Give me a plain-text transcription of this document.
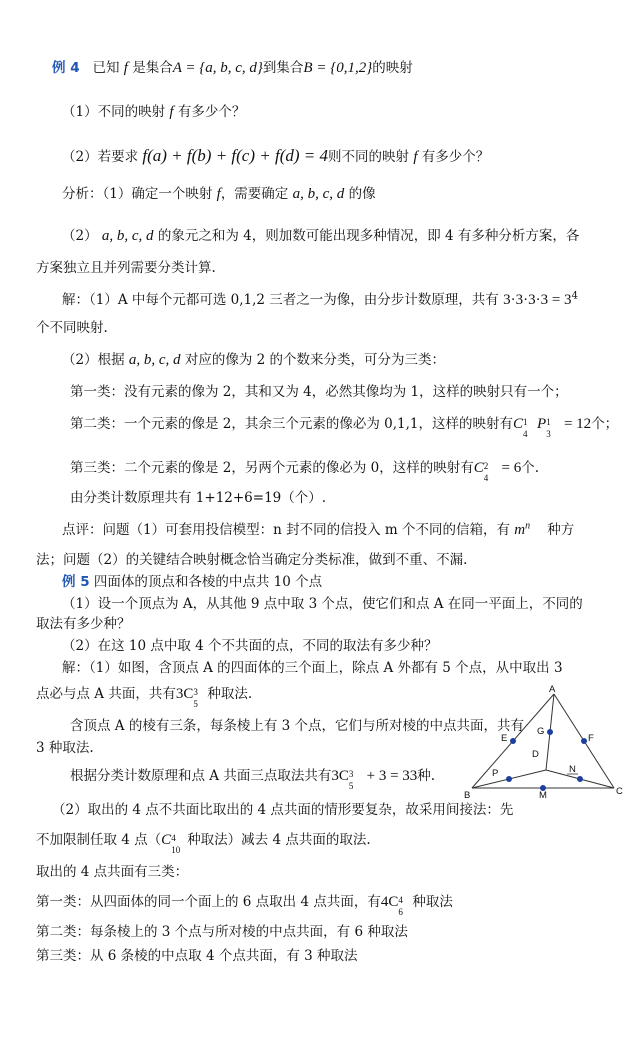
例 4 已知 f 是集合A = {a, b, c, d}到集合B = {0,1,2}的映射
（1）不同的映射 f 有多少个？
（2）若要求 f(a) + f(b) + f(c) + f(d) = 4则不同的映射 f 有多少个？
分析：（1）确定一个映射 f，需要确定 a, b, c, d 的像
（2） a, b, c, d 的象元之和为 4，则加数可能出现多种情况，即 4 有多种分析方案，各
方案独立且并列需要分类计算.
解：（1）A 中每个元都可选 0,1,2 三者之一为像，由分步计数原理，共有 $3\cdot 3\cdot 3\cdot 3 = 3^4$
个不同映射.
（2）根据 a, b, c, d 对应的像为 2 的个数来分类，可分为三类：
第一类：没有元素的像为 2，其和又为 4，必然其像均为 1，这样的映射只有一个；
第二类：一个元素的像是 2，其余三个元素的像必为 0,1,1，这样的映射有C 1
4
P 1
3
= 12个；
第三类：二个元素的像是 2，另两个元素的像必为 0，这样的映射有C 2
4
= 6个.
由分类计数原理共有 1+12+6=19（个）.
点评：问题（1）可套用投信模型：n 封不同的信投入 m 个不同的信箱，有 $m^n$ 种方
法；问题（2）的关键结合映射概念恰当确定分类标准，做到不重、不漏.
例 5 四面体的顶点和各棱的中点共 10 个点
（1）设一个顶点为 A，从其他 9 点中取 3 个点，使它们和点 A 在同一平面上，不同的
取法有多少种？
（2）在这 10 点中取 4 个不共面的点，不同的取法有多少种？
解：（1）如图，含顶点 A 的四面体的三个面上，除点 A 外都有 5 个点，从中取出 3
点必与点 A 共面，共有3C 3
5
种取法.
含顶点 A 的棱有三条，每条棱上有 3 个点，它们与所对棱的中点共面，共有
3 种取法.
根据分类计数原理和点 A 共面三点取法共有3C 3
5
+ 3 = 33种.
（2）取出的 4 点不共面比取出的 4 点共面的情形要复杂，故采用间接法：先
不加限制任取 4 点（C 4
10
种取法）减去 4 点共面的取法.
取出的 4 点共面有三类：
第一类：从四面体的同一个面上的 6 点取出 4 点共面，有4C 4
6
种取法
第二类：每条棱上的 3 个点与所对棱的中点共面，有 6 种取法
第三类：从 6 条棱的中点取 4 个点共面，有 3 种取法
A
B	C
D
E	F
G
M
N
P
